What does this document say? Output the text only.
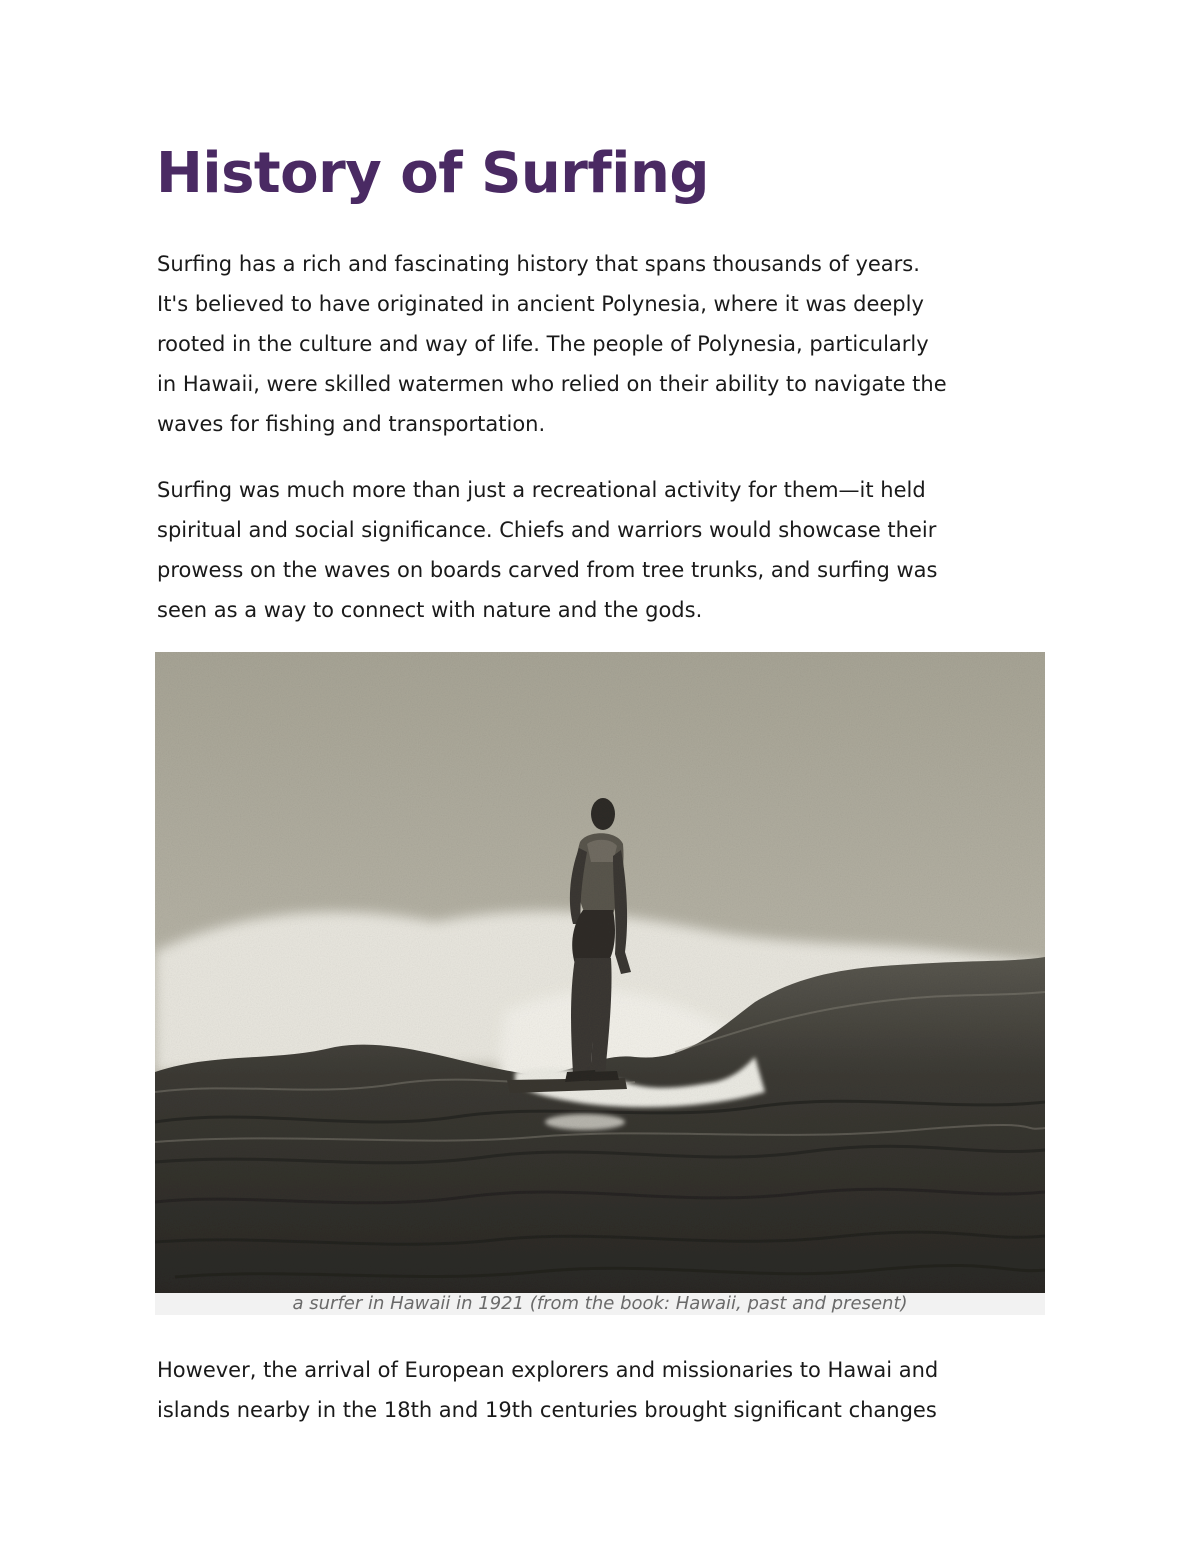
History of Surfing

Surfing has a rich and fascinating history that spans thousands of years.
It's believed to have originated in ancient Polynesia, where it was deeply
rooted in the culture and way of life. The people of Polynesia, particularly
in Hawaii, were skilled watermen who relied on their ability to navigate the
waves for fishing and transportation.

Surfing was much more than just a recreational activity for them—it held
spiritual and social significance. Chiefs and warriors would showcase their
prowess on the waves on boards carved from tree trunks, and surfing was
seen as a way to connect with nature and the gods.

a surfer in Hawaii in 1921 (from the book: Hawaii, past and present)

However, the arrival of European explorers and missionaries to Hawai and
islands nearby in the 18th and 19th centuries brought significant changes
